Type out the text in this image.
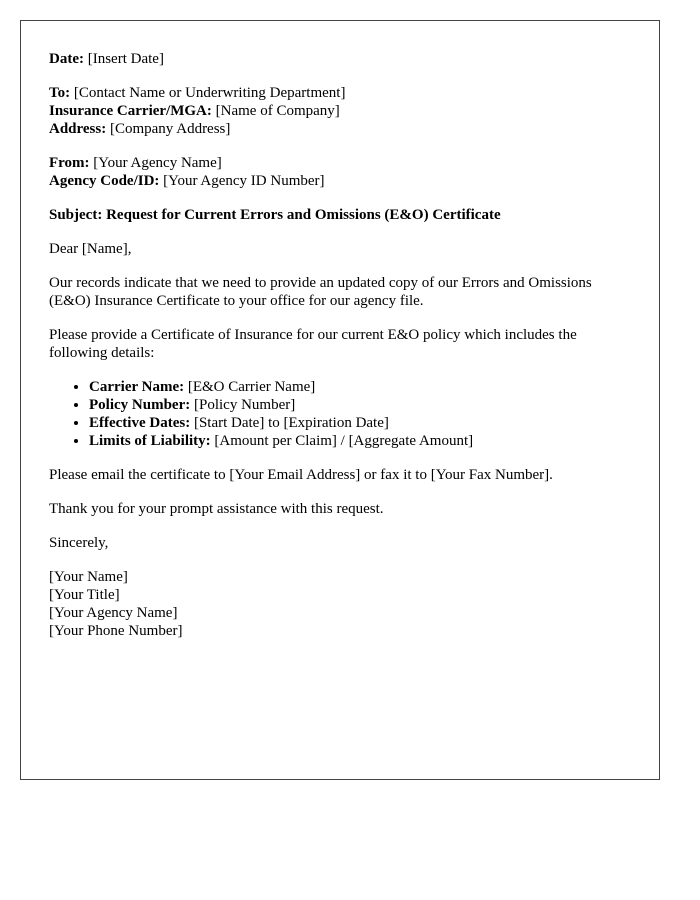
Date: [Insert Date]

To: [Contact Name or Underwriting Department]
Insurance Carrier/MGA: [Name of Company]
Address: [Company Address]
From: [Your Agency Name]
Agency Code/ID: [Your Agency ID Number]

Subject: Request for Current Errors and Omissions (E&O) Certificate

Dear [Name],

Our records indicate that we need to provide an updated copy of our Errors and Omissions (E&O) Insurance Certificate to your office for our agency file.

Please provide a Certificate of Insurance for our current E&O policy which includes the following details:

• Carrier Name: [E&O Carrier Name]
• Policy Number: [Policy Number]
• Effective Dates: [Start Date] to [Expiration Date]
• Limits of Liability: [Amount per Claim] / [Aggregate Amount]

Please email the certificate to [Your Email Address] or fax it to [Your Fax Number].

Thank you for your prompt assistance with this request.

Sincerely,

[Your Name]
[Your Title]
[Your Agency Name]
[Your Phone Number]
